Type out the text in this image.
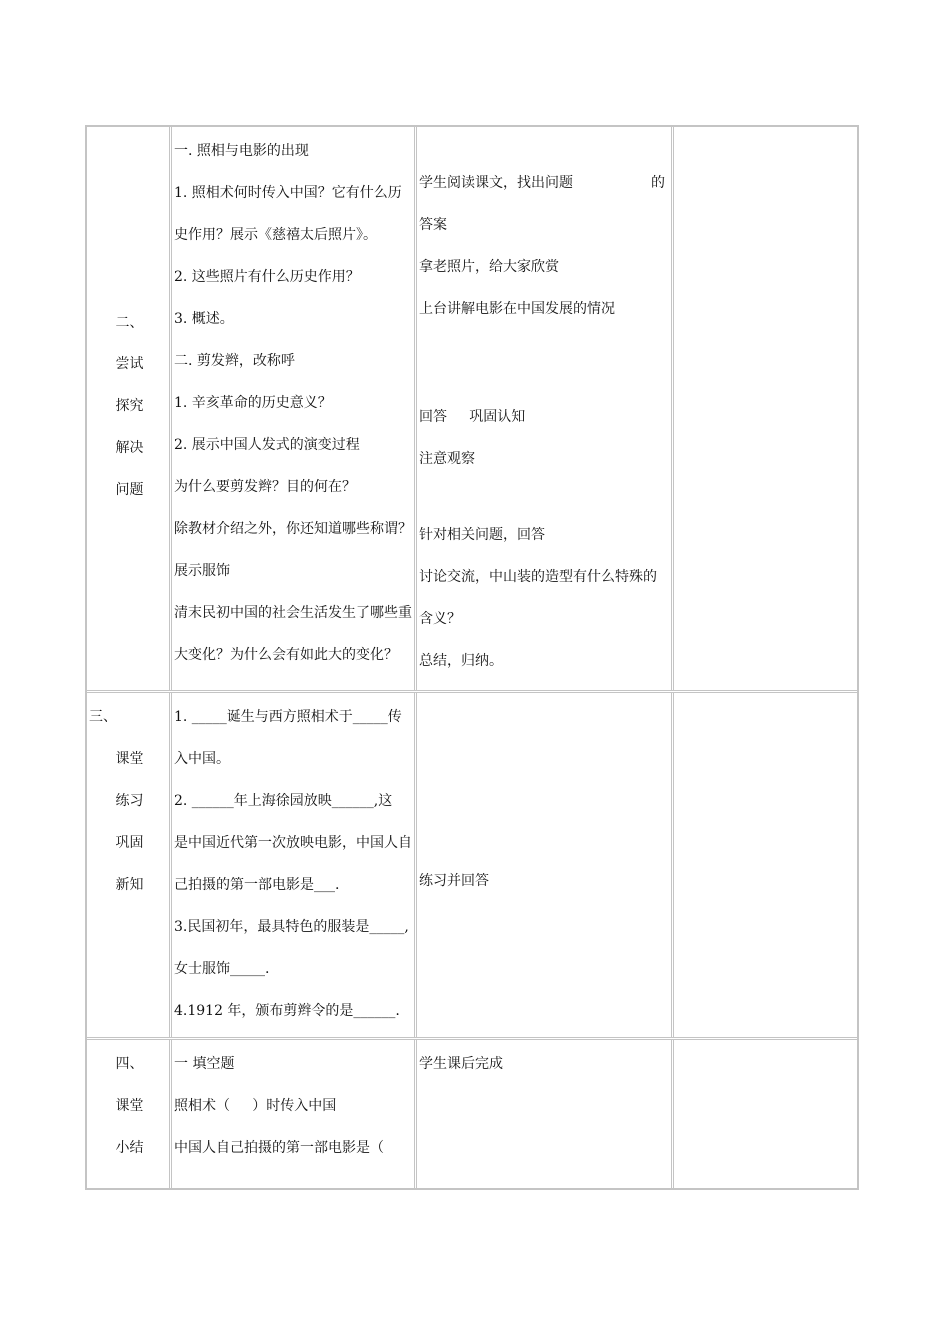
二、
尝试
探究
解决
问题
一. 照相与电影的出现
1. 照相术何时传入中国？它有什么历
史作用？展示《慈禧太后照片》。
2. 这些照片有什么历史作用？
3. 概述。
二. 剪发辫，改称呼
1. 辛亥革命的历史意义？
2. 展示中国人发式的演变过程
为什么要剪发辫？目的何在？
除教材介绍之外，你还知道哪些称谓？
展示服饰
清末民初中国的社会生活发生了哪些重
大变化？为什么会有如此大的变化？
学生阅读课文，找出问题	的
答案
拿老照片，给大家欣赏
上台讲解电影在中国发展的情况
回答     巩固认知
注意观察
针对相关问题，回答
讨论交流，中山装的造型有什么特殊的
含义？
总结，归纳。
三、
课堂
练习
巩固
新知
1. _____诞生与西方照相术于_____传
入中国。
2. ______年上海徐园放映______,这
是中国近代第一次放映电影，中国人自
己拍摄的第一部电影是___.
3.民国初年，最具特色的服装是_____,
女士服饰_____.
4.1912 年，颁布剪辫令的是______.
练习并回答
四、
课堂
小结
一 填空题
照相术（     ）时传入中国
中国人自己拍摄的第一部电影是（
学生课后完成
